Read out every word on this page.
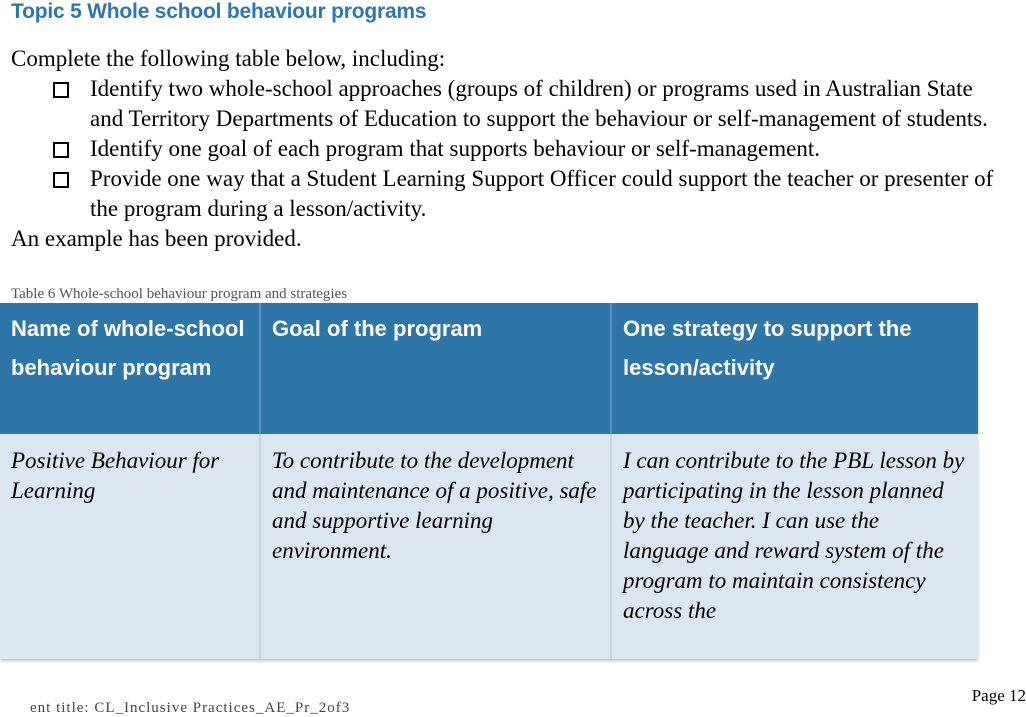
Topic 5 Whole school behaviour programs

Complete the following table below, including:

Identify two whole-school approaches (groups of children) or programs used in Australian State and Territory Departments of Education to support the behaviour or self-management of students.
Identify one goal of each program that supports behaviour or self-management.
Provide one way that a Student Learning Support Officer could support the teacher or presenter of the program during a lesson/activity.

An example has been provided.

Table 6 Whole-school behaviour program and strategies
Name of whole-school behaviour program	Goal of the program	One strategy to support the lesson/activity
Positive Behaviour for Learning	To contribute to the development and maintenance of a positive, safe and supportive learning environment.	I can contribute to the PBL lesson by participating in the lesson planned by the teacher. I can use the language and reward system of the program to maintain consistency across the
Page 12
ent title: CL_Inclusive Practices_AE_Pr_2of3
